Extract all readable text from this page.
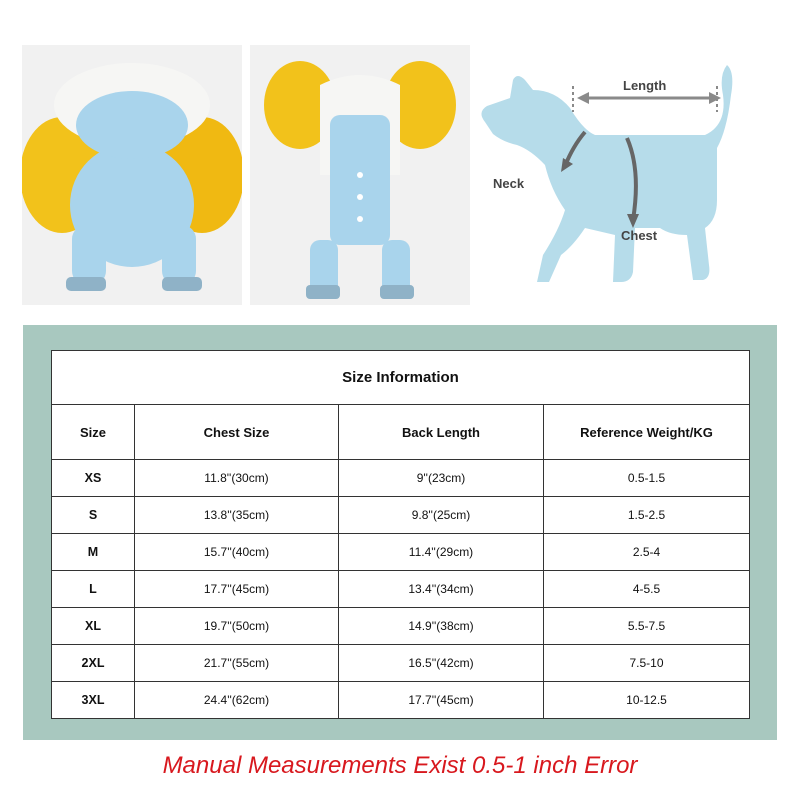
Length
Neck
Chest
Size Information			
Size	Chest Size	Back Length	Reference Weight/KG
XS	11.8''(30cm)	9''(23cm)	0.5-1.5
S	13.8''(35cm)	9.8''(25cm)	1.5-2.5
M	15.7''(40cm)	11.4''(29cm)	2.5-4
L	17.7''(45cm)	13.4''(34cm)	4-5.5
XL	19.7''(50cm)	14.9''(38cm)	5.5-7.5
2XL	21.7''(55cm)	16.5''(42cm)	7.5-10
3XL	24.4''(62cm)	17.7''(45cm)	10-12.5
Manual Measurements Exist 0.5-1 inch Error
